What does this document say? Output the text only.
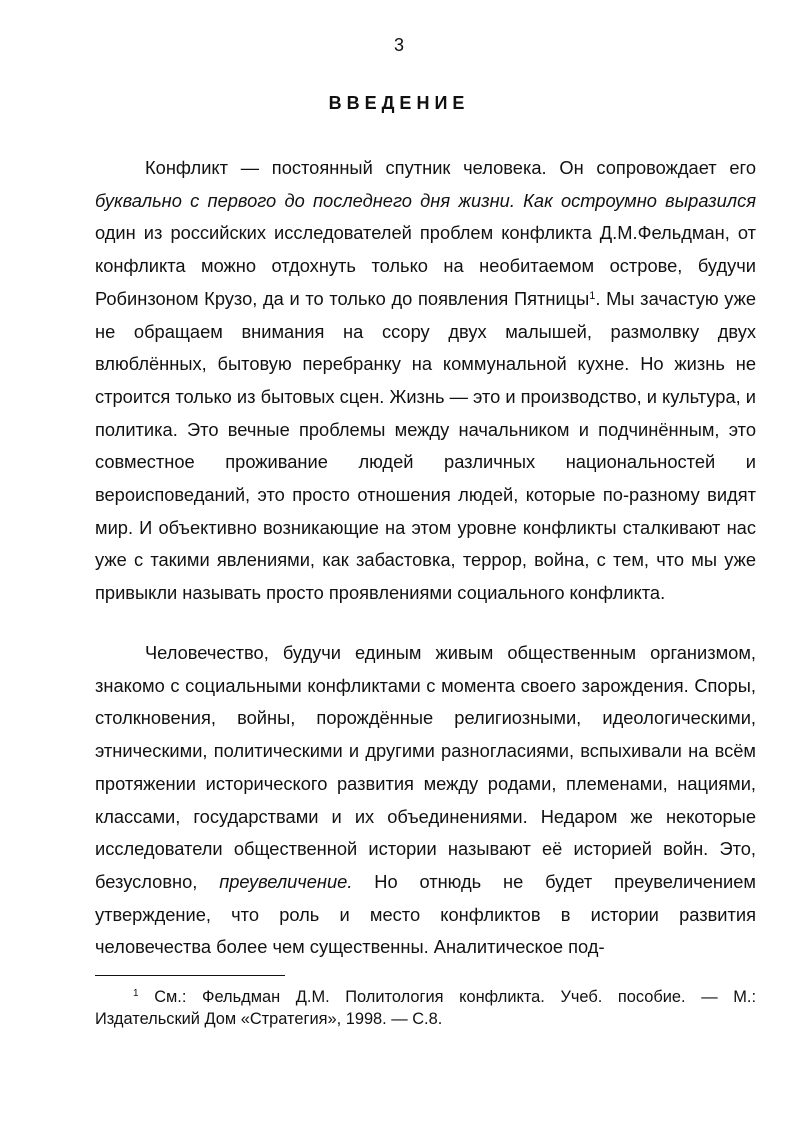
3
ВВЕДЕНИЕ

Конфликт — постоянный спутник человека. Он сопровождает его буквально с первого до последнего дня жизни. Как остроумно выразился один из российских исследователей проблем конфликта Д.М.Фельдман, от конфликта можно отдохнуть только на необитаемом острове, будучи Робинзоном Крузо, да и то только до появления Пятницы$^1$. Мы зачастую уже не обращаем внимания на ссору двух малышей, размолвку двух влюблённых, бытовую перебранку на коммунальной кухне. Но жизнь не строится только из бытовых сцен. Жизнь — это и производство, и культура, и политика. Это вечные проблемы между начальником и подчинённым, это совместное проживание людей различных национальностей и вероисповеданий, это просто отношения людей, которые по-разному видят мир. И объективно возникающие на этом уровне конфликты сталкивают нас уже с такими явлениями, как забастовка, террор, война, с тем, что мы уже привыкли называть просто проявлениями социального конфликта.

Человечество, будучи единым живым общественным организмом, знакомо с социальными конфликтами с момента своего зарождения. Споры, столкновения, войны, порождённые религиозными, идеологическими, этническими, политическими и другими разногласиями, вспыхивали на всём протяжении исторического развития между родами, племенами, нациями, классами, государствами и их объединениями. Недаром же некоторые исследователи общественной истории называют её историей войн. Это, безусловно, преувеличение. Но отнюдь не будет преувеличением утверждение, что роль и место конфликтов в истории развития человечества более чем существенны. Аналитическое под-

$^1$ См.: Фельдман Д.М. Политология конфликта. Учеб. пособие. — М.: Издательский Дом «Стратегия», 1998. — С.8.
